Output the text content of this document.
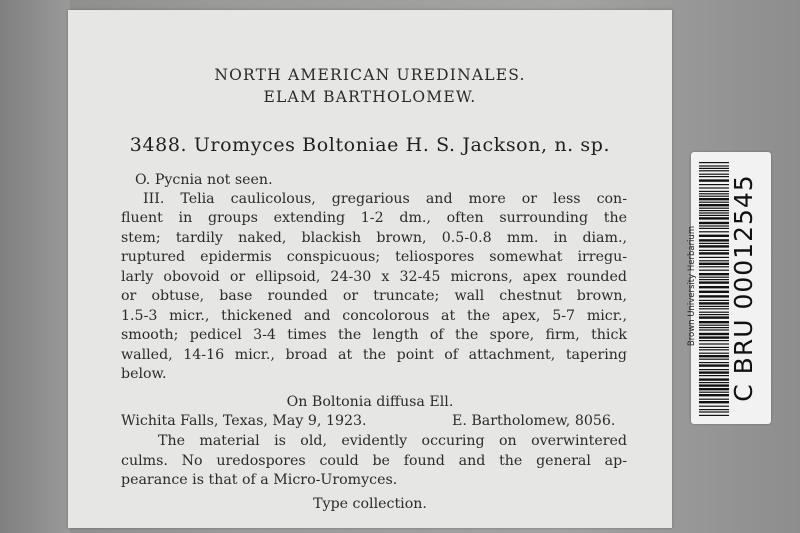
NORTH AMERICAN UREDINALES.
ELAM BARTHOLOMEW.
3488. Uromyces Boltoniae H. S. Jackson, n. sp.
O. Pycnia not seen.
III. Telia caulicolous, gregarious and more or less con-
fluent in groups extending 1-2 dm., often surrounding the
stem; tardily naked, blackish brown, 0.5-0.8 mm. in diam.,
ruptured epidermis conspicuous; teliospores somewhat irregu-
larly obovoid or ellipsoid, 24-30 x 32-45 microns, apex rounded
or obtuse, base rounded or truncate; wall chestnut brown,
1.5-3 micr., thickened and concolorous at the apex, 5-7 micr.,
smooth; pedicel 3-4 times the length of the spore, firm, thick
walled, 14-16 micr., broad at the point of attachment, tapering
below.
On Boltonia diffusa Ell.
Wichita Falls, Texas, May 9, 1923.	E. Bartholomew, 8056.
The material is old, evidently occuring on overwintered
culms. No uredospores could be found and the general ap-
pearance is that of a Micro-Uromyces.
Type collection.
Brown University Herbarium C BRU 00012545
